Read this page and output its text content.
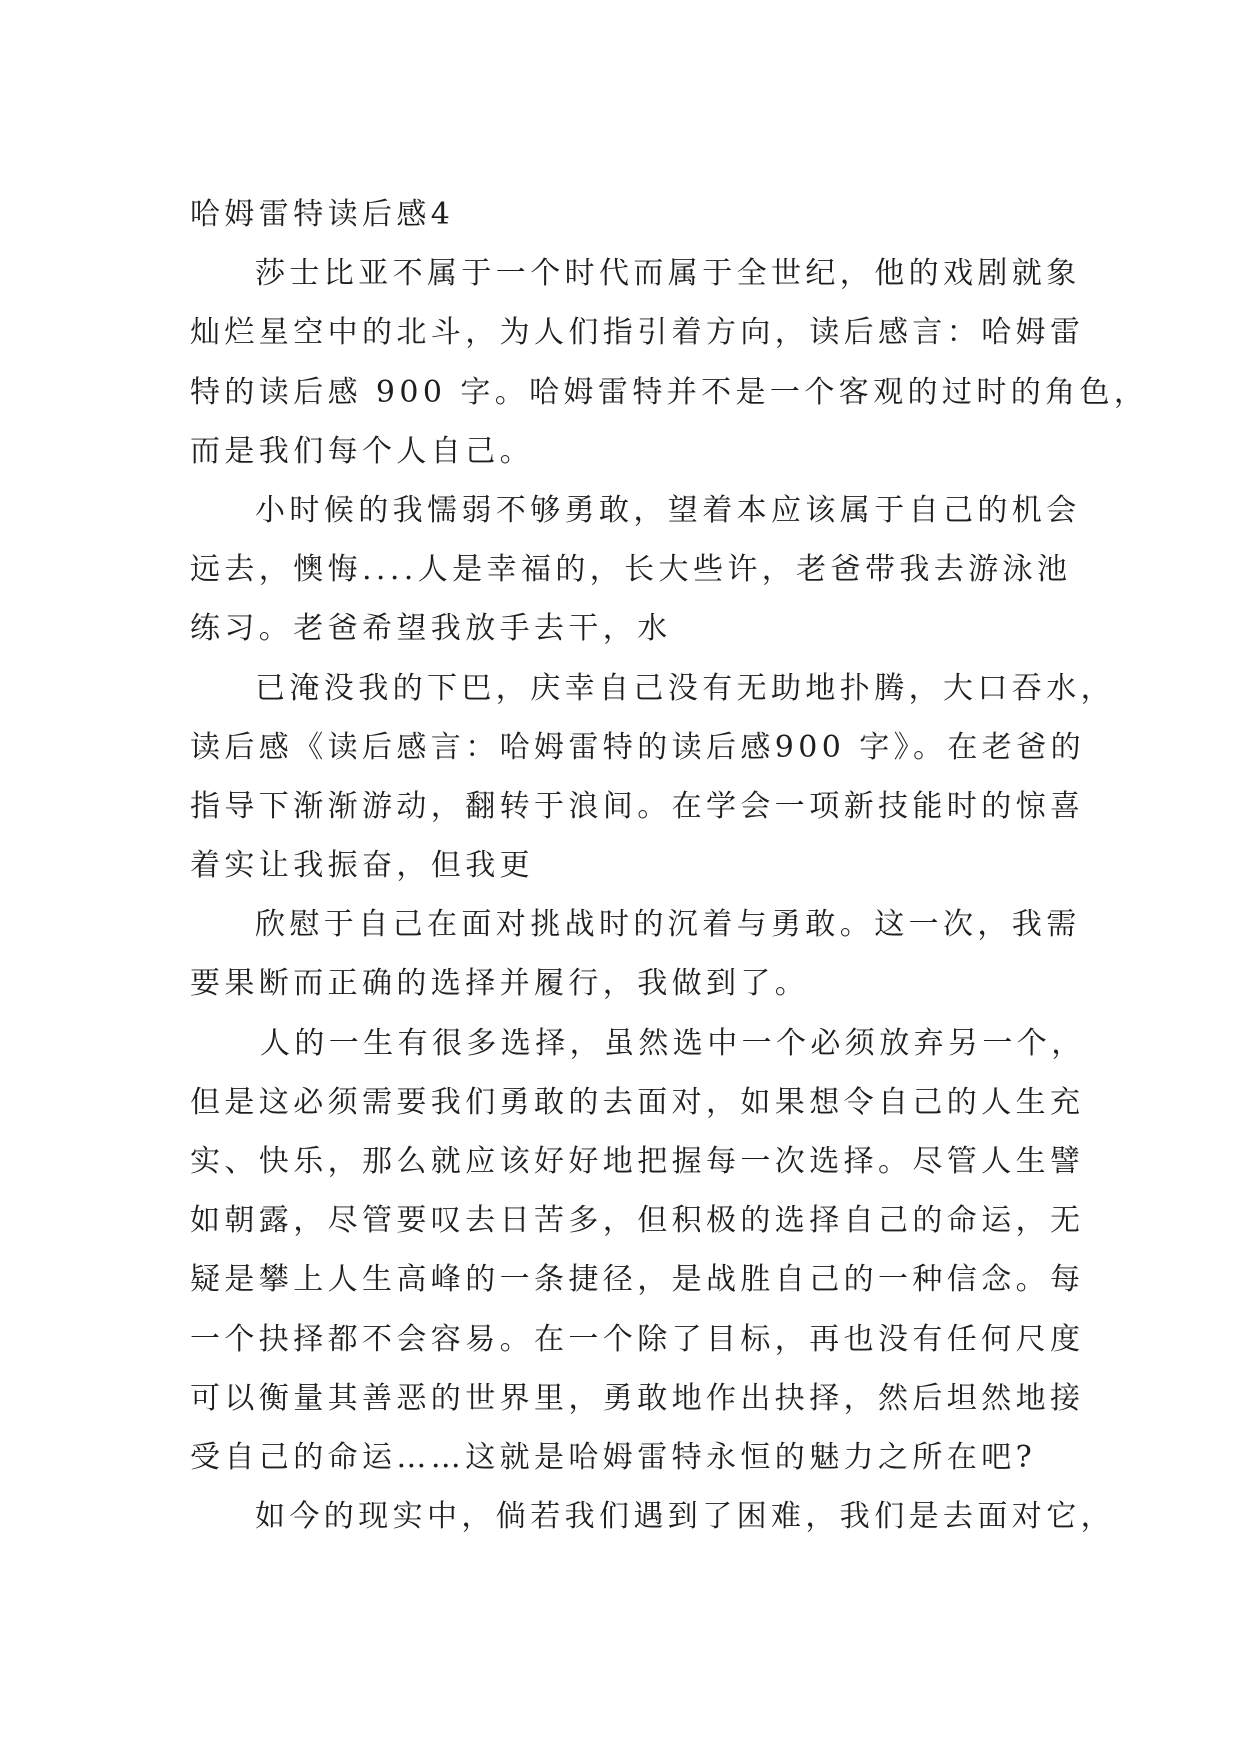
哈姆雷特读后感4
莎士比亚不属于一个时代而属于全世纪，他的戏剧就象
灿烂星空中的北斗，为人们指引着方向，读后感言：哈姆雷
特的读后感 900 字。哈姆雷特并不是一个客观的过时的角色，
而是我们每个人自己。
小时候的我懦弱不够勇敢，望着本应该属于自己的机会
远去，懊悔....人是幸福的，长大些许，老爸带我去游泳池
练习。老爸希望我放手去干，水
已淹没我的下巴，庆幸自己没有无助地扑腾，大口吞水，
读后感《读后感言：哈姆雷特的读后感900 字》。在老爸的
指导下渐渐游动，翻转于浪间。在学会一项新技能时的惊喜
着实让我振奋，但我更
欣慰于自己在面对挑战时的沉着与勇敢。这一次，我需
要果断而正确的选择并履行，我做到了。
人的一生有很多选择，虽然选中一个必须放弃另一个，
但是这必须需要我们勇敢的去面对，如果想令自己的人生充
实、快乐，那么就应该好好地把握每一次选择。尽管人生譬
如朝露，尽管要叹去日苦多，但积极的选择自己的命运，无
疑是攀上人生高峰的一条捷径，是战胜自己的一种信念。每
一个抉择都不会容易。在一个除了目标，再也没有任何尺度
可以衡量其善恶的世界里，勇敢地作出抉择，然后坦然地接
受自己的命运……这就是哈姆雷特永恒的魅力之所在吧?
如今的现实中，倘若我们遇到了困难，我们是去面对它，
